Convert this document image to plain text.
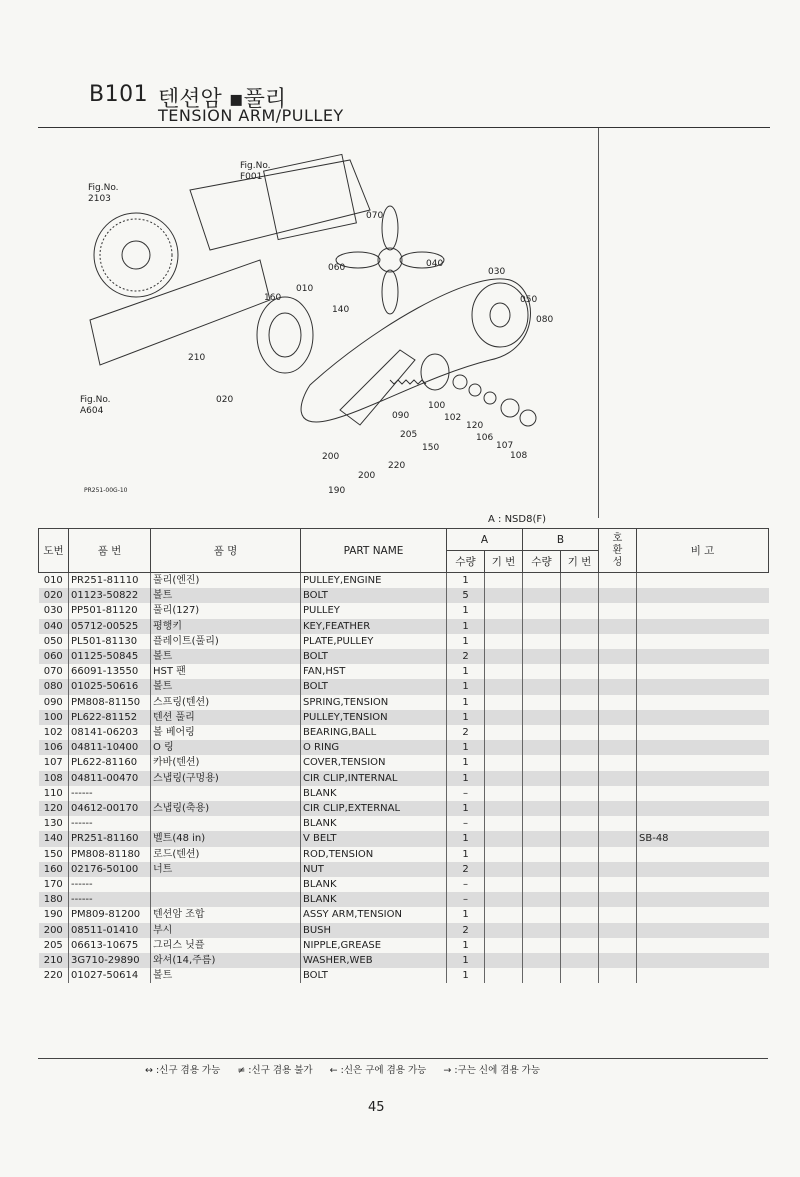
B101 텐션암 ▪풀리
TENSION ARM/PULLEY
Fig.No.
F001
Fig.No.
2103
Fig.No.
A604
070
060	040
030
050
080
010
160
140
210
020
090
100
102
120
106
107
108
205
150
220
200
200
190
PR251-00G-10
A : NSD8(F)
도번	품 번	품 명	PART NAME	A		B		호
환
성	비 고
				수량	기 번	수량	기 번		
010	PR251-81110	풀리(엔진)	PULLEY,ENGINE	1					
020	01123-50822	볼트	BOLT	5					
030	PP501-81120	풀리(127)	PULLEY	1					
040	05712-00525	평행키	KEY,FEATHER	1					
050	PL501-81130	플레이트(풀리)	PLATE,PULLEY	1					
060	01125-50845	볼트	BOLT	2					
070	66091-13550	HST 팬	FAN,HST	1					
080	01025-50616	볼트	BOLT	1					
090	PM808-81150	스프링(텐션)	SPRING,TENSION	1					
100	PL622-81152	텐션 풀리	PULLEY,TENSION	1					
102	08141-06203	볼 베어링	BEARING,BALL	2					
106	04811-10400	O 링	O RING	1					
107	PL622-81160	카바(텐션)	COVER,TENSION	1					
108	04811-00470	스냅링(구멍용)	CIR CLIP,INTERNAL	1					
110	------		BLANK	–					
120	04612-00170	스냅링(축용)	CIR CLIP,EXTERNAL	1					
130	------		BLANK	–					
140	PR251-81160	벨트(48 in)	V BELT	1					SB-48
150	PM808-81180	로드(텐션)	ROD,TENSION	1					
160	02176-50100	너트	NUT	2					
170	------		BLANK	–					
180	------		BLANK	–					
190	PM809-81200	텐션암 조합	ASSY ARM,TENSION	1					
200	08511-01410	부시	BUSH	2					
205	06613-10675	그리스 닛플	NIPPLE,GREASE	1					
210	3G710-29890	와셔(14,주름)	WASHER,WEB	1					
220	01027-50614	볼트	BOLT	1					
↔ :신구 겸용 가능 ≠ :신구 겸용 불가 ← :신은 구에 겸용 가능 → :구는 신에 겸용 가능
45
